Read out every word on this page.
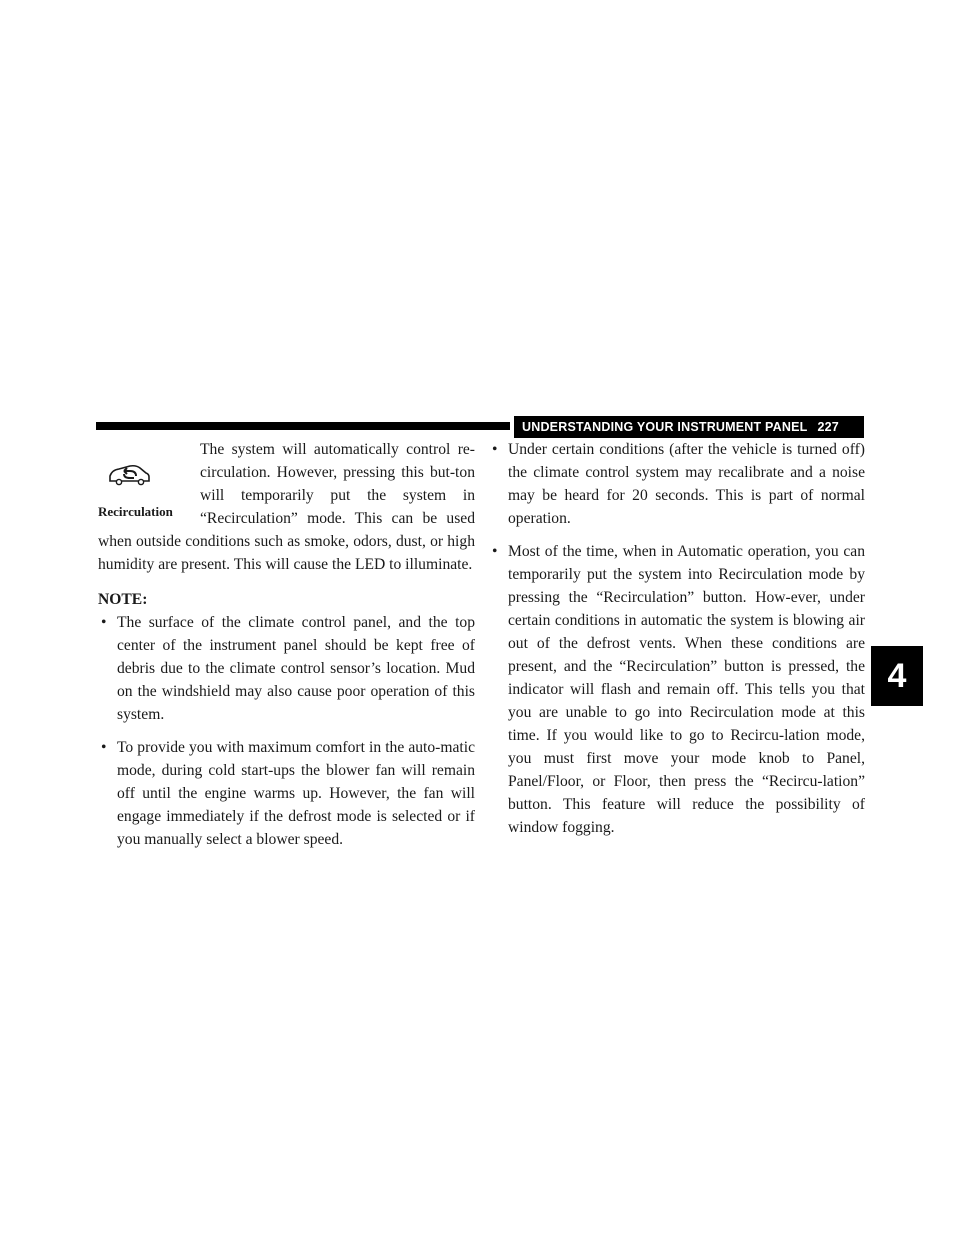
UNDERSTANDING YOUR INSTRUMENT PANEL 227
4
Recirculation

The system will automatically control re-circulation. However, pressing this but-ton will temporarily put the system in “Recirculation” mode. This can be used when outside conditions such as smoke, odors, dust, or high humidity are present. This will cause the LED to illuminate.

NOTE:

• The surface of the climate control panel, and the top center of the instrument panel should be kept free of debris due to the climate control sensor’s location. Mud on the windshield may also cause poor operation of this system.
• To provide you with maximum comfort in the auto-matic mode, during cold start-ups the blower fan will remain off until the engine warms up. However, the fan will engage immediately if the defrost mode is selected or if you manually select a blower speed.
• Under certain conditions (after the vehicle is turned off) the climate control system may recalibrate and a noise may be heard for 20 seconds. This is part of normal operation.
• Most of the time, when in Automatic operation, you can temporarily put the system into Recirculation mode by pressing the “Recirculation” button. How-ever, under certain conditions in automatic the system is blowing air out of the defrost vents. When these conditions are present, and the “Recirculation” button is pressed, the indicator will flash and remain off. This tells you that you are unable to go into Recirculation mode at this time. If you would like to go to Recircu-lation mode, you must first move your mode knob to Panel, Panel/Floor, or Floor, then press the “Recircu-lation” button. This feature will reduce the possibility of window fogging.
